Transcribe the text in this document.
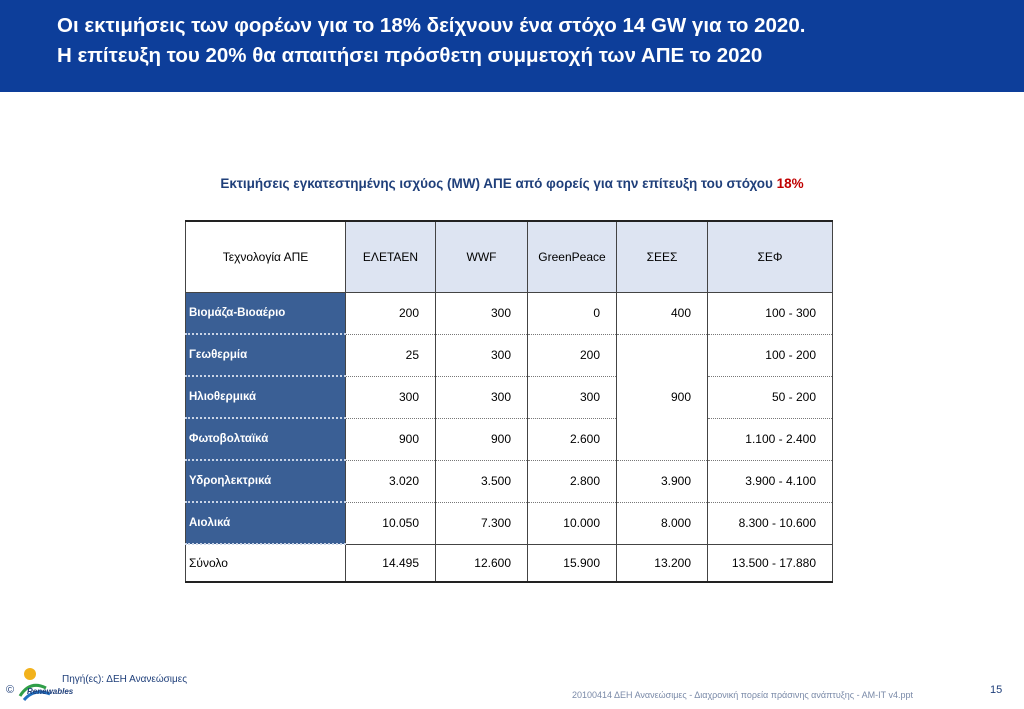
Οι εκτιμήσεις των φορέων για το 18% δείχνουν ένα στόχο 14 GW για το 2020.
Η επίτευξη του 20% θα απαιτήσει πρόσθετη συμμετοχή των ΑΠΕ το 2020
Εκτιμήσεις εγκατεστημένης ισχύος (MW) ΑΠΕ από φορείς για την επίτευξη του στόχου 18%
Τεχνολογία ΑΠΕ	ΕΛΕΤΑΕΝ	WWF	GreenPeace	ΣΕΕΣ	ΣΕΦ
Βιομάζα-Βιοαέριο	200	300	0	400	100 - 300
Γεωθερμία	25	300	200	900	100 - 200
Ηλιοθερμικά	300	300	300		50 - 200
Φωτοβολταϊκά	900	900	2.600		1.100 - 2.400
Υδροηλεκτρικά	3.020	3.500	2.800	3.900	3.900 - 4.100
Αιολικά	10.050	7.300	10.000	8.000	8.300 - 10.600
Σύνολο	14.495	12.600	15.900	13.200	13.500 - 17.880
Renewables
©
Πηγή(ες): ΔΕΗ Ανανεώσιμες
20100414 ΔΕΗ Ανανεώσιμες - Διαχρονική πορεία πράσινης ανάπτυξης - ΑΜ-ΙΤ v4.ppt	15
